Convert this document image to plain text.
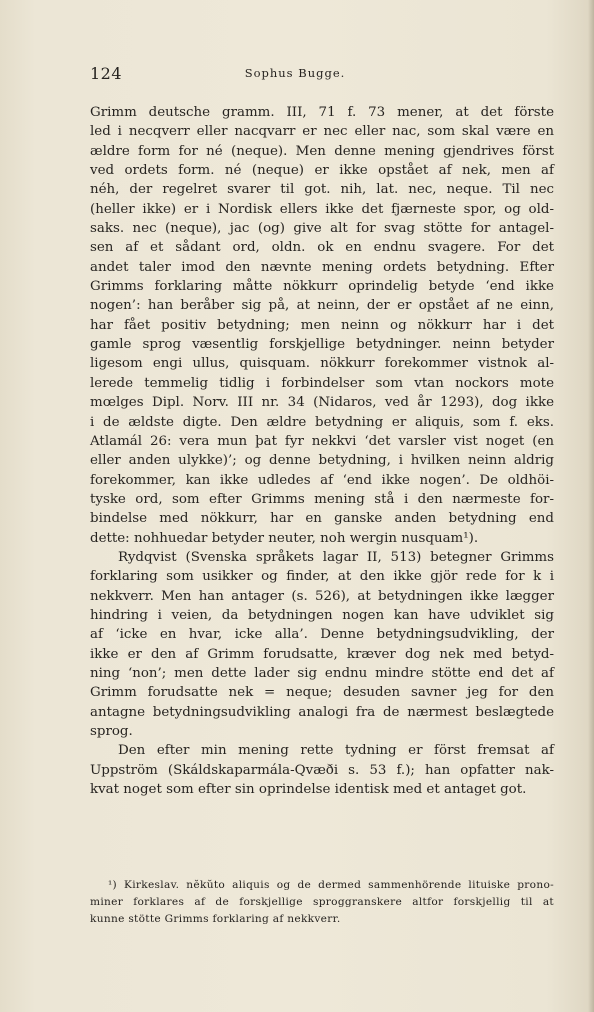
124	Sophus Bugge.
Grimm deutsche gramm. III, 71 f. 73 mener, at det förste
led i necqverr eller nacqvarr er nec eller nac, som skal være en
ældre form for né (neque). Men denne mening gjendrives först
ved ordets form. né (neque) er ikke opstået af nek, men af
néh, der regelret svarer til got. nih, lat. nec, neque. Til nec
(heller ikke) er i Nordisk ellers ikke det fjærneste spor, og old-
saks. nec (neque), jac (og) give alt for svag stötte for antagel-
sen af et sådant ord, oldn. ok en endnu svagere. For det
andet taler imod den nævnte mening ordets betydning. Efter
Grimms forklaring måtte nökkurr oprindelig betyde ‘end ikke
nogen’: han beråber sig på, at neinn, der er opstået af ne einn,
har fået positiv betydning; men neinn og nökkurr har i det
gamle sprog væsentlig forskjellige betydninger. neinn betyder
ligesom engi ullus, quisquam. nökkurr forekommer vistnok al-
lerede temmelig tidlig i forbindelser som vtan nockors mote
mœlges Dipl. Norv. III nr. 34 (Nidaros, ved år 1293), dog ikke
i de ældste digte. Den ældre betydning er aliquis, som f. eks.
Atlamál 26: vera mun þat fyr nekkvi ‘det varsler vist noget (en
eller anden ulykke)’; og denne betydning, i hvilken neinn aldrig
forekommer, kan ikke udledes af ‘end ikke nogen’. De oldhöi-
tyske ord, som efter Grimms mening stå i den nærmeste for-
bindelse med nökkurr, har en ganske anden betydning end
dette: nohhuedar betyder neuter, noh wergin nusquam¹).
Rydqvist (Svenska språkets lagar II, 513) betegner Grimms
forklaring som usikker og finder, at den ikke gjör rede for k i
nekkverr. Men han antager (s. 526), at betydningen ikke lægger
hindring i veien, da betydningen nogen kan have udviklet sig
af ‘icke en hvar, icke alla’. Denne betydningsudvikling, der
ikke er den af Grimm forudsatte, kræver dog nek med betyd-
ning ‘non’; men dette lader sig endnu mindre stötte end det af
Grimm forudsatte nek = neque; desuden savner jeg for den
antagne betydningsudvikling analogi fra de nærmest beslægtede
sprog.
Den efter min mening rette tydning er först fremsat af
Uppström (Skáldskaparmála-Qvæði s. 53 f.); han opfatter nak-
kvat noget som efter sin oprindelse identisk med et antaget got.
¹) Kirkeslav. nĕkŭto aliquis og de dermed sammenhörende lituiske prono-
miner forklares af de forskjellige sproggranskere altfor forskjellig til at
kunne stötte Grimms forklaring af nekkverr.
